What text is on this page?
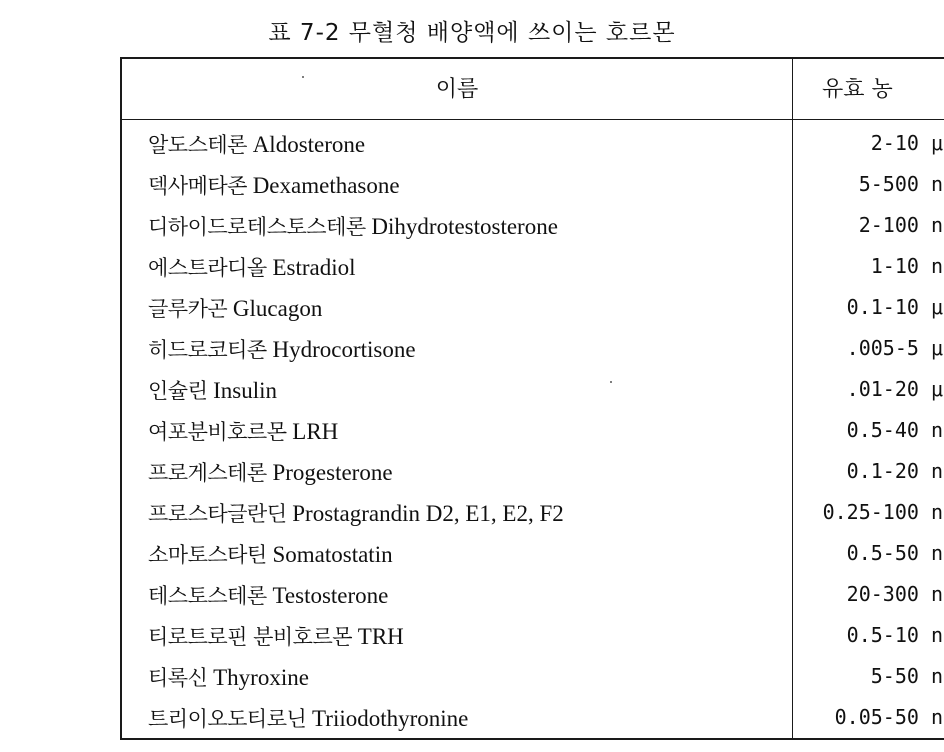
표 7-2 무혈청 배양액에 쓰이는 호르몬
이름	유효 농
알도스테론 Aldosterone	2-10 μ
덱사메타존 Dexamethasone	5-500 n
디하이드로테스토스테론 Dihydrotestosterone	2-100 n
에스트라디올 Estradiol	1-10 n
글루카곤 Glucagon	0.1-10 μ
히드로코티존 Hydrocortisone	.005-5 μ
인슐린 Insulin	.01-20 μ
여포분비호르몬 LRH	0.5-40 n
프로게스테론 Progesterone	0.1-20 n
프로스타글란딘 Prostagrandin D2, E1, E2, F2	0.25-100 n
소마토스타틴 Somatostatin	0.5-50 n
테스토스테론 Testosterone	20-300 n
티로트로핀 분비호르몬 TRH	0.5-10 n
티록신 Thyroxine	5-50 n
트리이오도티로닌 Triiodothyronine	0.05-50 n
